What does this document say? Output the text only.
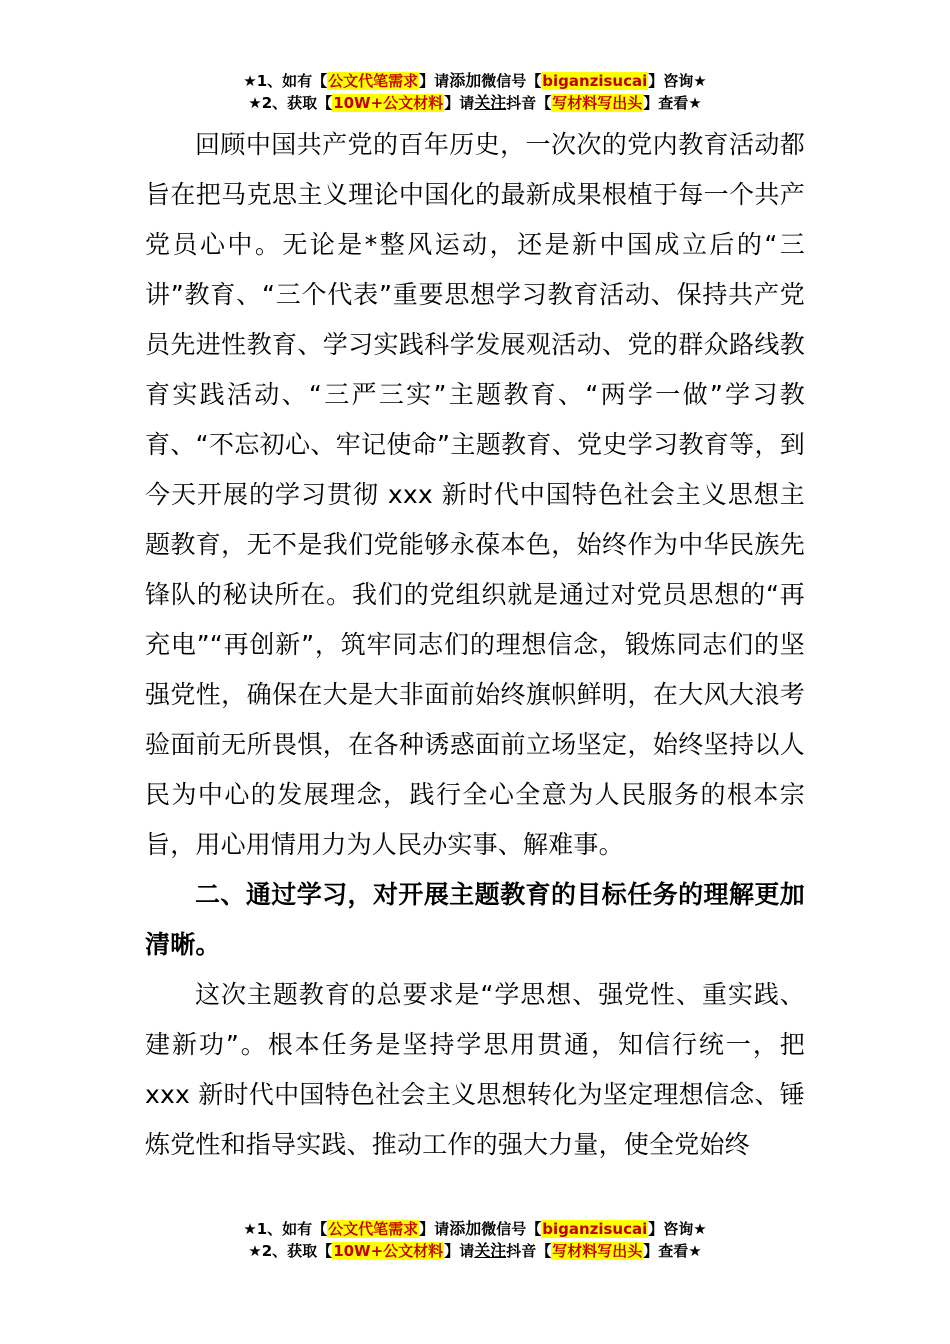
★1、如有【公文代笔需求】请添加微信号【biganzisucai】咨询★
★2、获取【10W+公文材料】请关注抖音【写材料写出头】查看★

回顾中国共产党的百年历史，一次次的党内教育活动都旨在把马克思主义理论中国化的最新成果根植于每一个共产党员心中。无论是*整风运动，还是新中国成立后的“三讲”教育、“三个代表”重要思想学习教育活动、保持共产党员先进性教育、学习实践科学发展观活动、党的群众路线教育实践活动、“三严三实”主题教育、“两学一做”学习教育、“不忘初心、牢记使命”主题教育、党史学习教育等，到今天开展的学习贯彻 xxx 新时代中国特色社会主义思想主题教育，无不是我们党能够永葆本色，始终作为中华民族先锋队的秘诀所在。我们的党组织就是通过对党员思想的“再充电”“再创新”，筑牢同志们的理想信念，锻炼同志们的坚强党性，确保在大是大非面前始终旗帜鲜明，在大风大浪考验面前无所畏惧，在各种诱惑面前立场坚定，始终坚持以人民为中心的发展理念，践行全心全意为人民服务的根本宗旨，用心用情用力为人民办实事、解难事。

二、通过学习，对开展主题教育的目标任务的理解更加清晰。

这次主题教育的总要求是“学思想、强党性、重实践、建新功”。根本任务是坚持学思用贯通，知信行统一，把 xxx 新时代中国特色社会主义思想转化为坚定理想信念、锤炼党性和指导实践、推动工作的强大力量，使全党始终

★1、如有【公文代笔需求】请添加微信号【biganzisucai】咨询★
★2、获取【10W+公文材料】请关注抖音【写材料写出头】查看★
